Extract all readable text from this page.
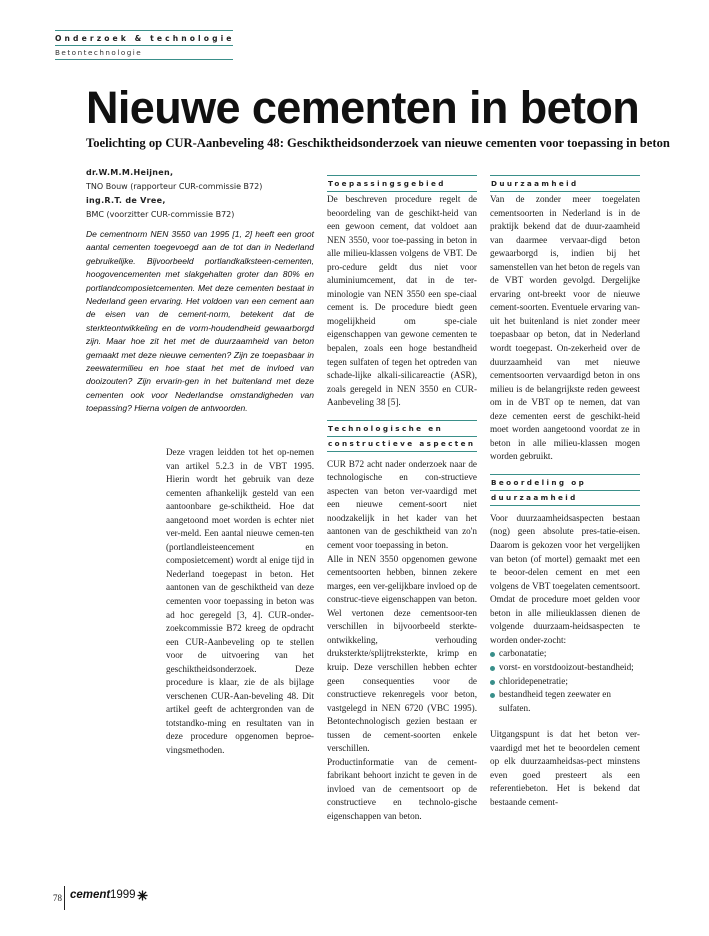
Onderzoek & technologie
Betontechnologie
Nieuwe cementen in beton
Toelichting op CUR-Aanbeveling 48: Geschiktheidsonderzoek van nieuwe cementen voor toepassing in beton
dr.W.M.M.Heijnen,
TNO Bouw (rapporteur CUR-commissie B72)
ing.R.T. de Vree,
BMC (voorzitter CUR-commissie B72)
De cementnorm NEN 3550 van 1995 [1, 2] heeft een groot aantal cementen toegevoegd aan de tot dan in Nederland gebruikelijke. Bijvoorbeeld portlandkalksteen-cementen, hoogovencementen met slakgehalten groter dan 80% en portlandcomposietcementen. Met deze cementen bestaat in Nederland geen ervaring. Het voldoen van een cement aan de eisen van de cement-norm, betekent dat de sterkteontwikkeling en de vorm-houdendheid gewaarborgd zijn. Maar hoe zit het met de duurzaamheid van beton gemaakt met deze nieuwe cementen? Zijn ze toepasbaar in zeewatermilieu en hoe staat het met de invloed van dooizouten? Zijn ervarin-gen in het buitenland met deze cementen ook voor Nederlandse omstandigheden van toepassing? Hierna volgen de antwoorden.

Deze vragen leidden tot het op-nemen van artikel 5.2.3 in de VBT 1995. Hierin wordt het gebruik van deze cementen afhankelijk gesteld van een aantoonbare ge-schiktheid. Hoe dat aangetoond moet worden is echter niet ver-meld. Een aantal nieuwe cemen-ten (portlandleisteencement en composietcement) wordt al enige tijd in Nederland toegepast in beton. Het aantonen van de geschiktheid van deze cementen voor toepassing in beton was ad hoc geregeld [3, 4]. CUR-onder-zoekcommissie B72 kreeg de opdracht een CUR-Aanbeveling op te stellen voor de uitvoering van het geschiktheidsonderzoek. Deze procedure is klaar, zie de als bijlage verschenen CUR-Aan-beveling 48. Dit artikel geeft de achtergronden van de totstandko-ming en resultaten van in deze procedure opgenomen beproe-vingsmethoden.

Toepassingsgebied

De beschreven procedure regelt de beoordeling van de geschikt-heid van een gewoon cement, dat voldoet aan NEN 3550, voor toe-passing in beton in alle milieu-klassen volgens de VBT. De pro-cedure geldt dus niet voor aluminiumcement, dat in de ter-minologie van NEN 3550 een spe-ciaal cement is. De procedure biedt geen mogelijkheid om spe-ciale eigenschappen van gewone cementen te bepalen, zoals een hoge bestandheid tegen sulfaten of tegen het optreden van schade-lijke alkali-silicareactie (ASR), zoals geregeld in NEN 3550 en CUR-Aanbeveling 38 [5].

Technologische en
constructieve aspecten

CUR B72 acht nader onderzoek naar de technologische en con-structieve aspecten van beton ver-vaardigd met een nieuwe cement-soort niet noodzakelijk in het kader van het aantonen van de geschiktheid van zo'n cement voor toepassing in beton.

Alle in NEN 3550 opgenomen gewone cementsoorten hebben, binnen zekere marges, een ver-gelijkbare invloed op de construc-tieve eigenschappen van beton. Wel vertonen deze cementsoor-ten verschillen in bijvoorbeeld sterkte-ontwikkeling, verhouding druksterkte/splijtreksterkte, krimp en kruip. Deze verschillen hebben echter geen consequenties voor de constructieve rekenregels voor beton, vastgelegd in NEN 6720 (VBC 1995). Betontechnologisch gezien bestaan er tussen de cement-soorten enkele verschillen.

Productinformatie van de cement-fabrikant behoort inzicht te geven in de invloed van de cementsoort op de constructieve en technolo-gische eigenschappen van beton.

Duurzaamheid

Van de zonder meer toegelaten cementsoorten in Nederland is in de praktijk bekend dat de duur-zaamheid van daarmee vervaar-digd beton gewaarborgd is, indien bij het samenstellen van het beton de regels van de VBT worden gevolgd. Dergelijke ervaring ont-breekt voor de nieuwe cement-soorten. Eventuele ervaring van-uit het buitenland is niet zonder meer toepasbaar op beton, dat in Nederland wordt toegepast. On-zekerheid over de duurzaamheid van met nieuwe cementsoorten vervaardigd beton in ons milieu is de belangrijkste reden geweest om in de VBT op te nemen, dat van deze cementen eerst de geschikt-heid moet worden aangetoond voordat ze in beton in alle milieu-klassen mogen worden gebruikt.

Beoordeling op
duurzaamheid

Voor duurzaamheidsaspecten bestaan (nog) geen absolute pres-tatie-eisen. Daarom is gekozen voor het vergelijken van beton (of mortel) gemaakt met een te beoor-delen cement en met een volgens de VBT toegelaten cementsoort. Omdat de procedure moet gelden voor beton in alle milieuklassen dienen de volgende duurzaam-heidsaspecten te worden onder-zocht:

carbonatatie;
vorst- en vorstdooizout-bestandheid;
chloridepenetratie;
bestandheid tegen zeewater en sulfaten.

Uitgangspunt is dat het beton ver-vaardigd met het te beoordelen cement op elk duurzaamheidsas-pect minstens even goed presteert als een referentiebeton. Het is bekend dat bestaande cement-

78 cement 1999
